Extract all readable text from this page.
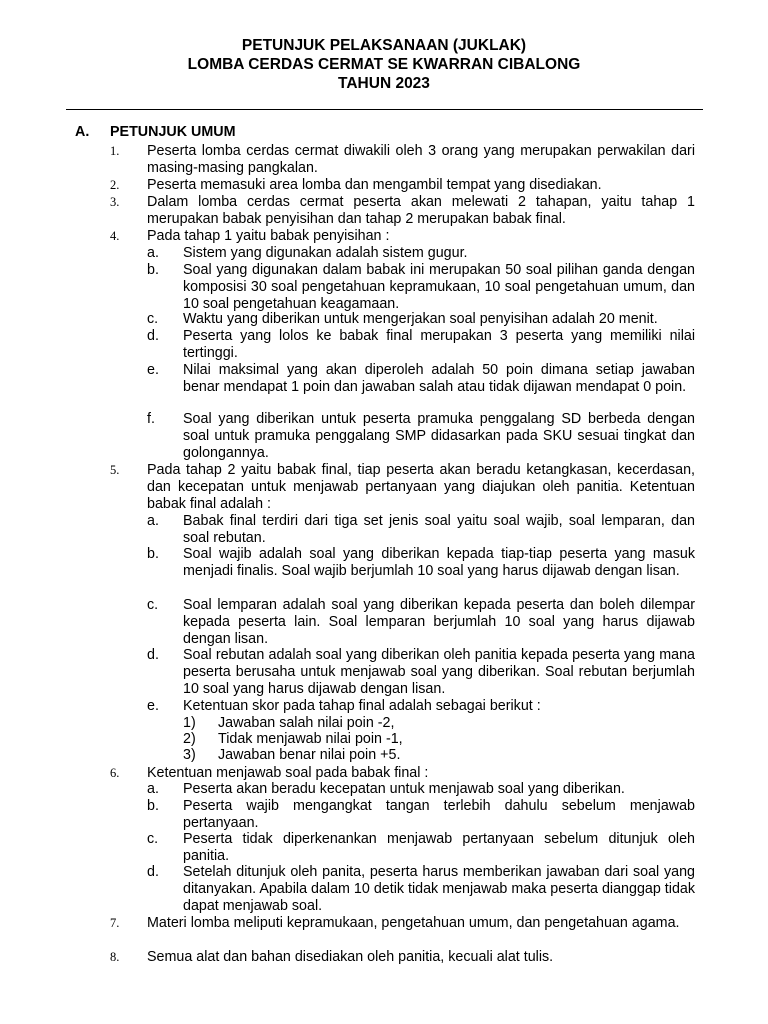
PETUNJUK PELAKSANAAN (JUKLAK)
LOMBA CERDAS CERMAT SE KWARRAN CIBALONG
TAHUN 2023
A. PETUNJUK UMUM
1.	Peserta lomba cerdas cermat diwakili oleh 3 orang yang merupakan perwakilan dari masing-masing pangkalan.
2.	Peserta memasuki area lomba dan mengambil tempat yang disediakan.
3.	Dalam lomba cerdas cermat peserta akan melewati 2 tahapan, yaitu tahap 1 merupakan babak penyisihan dan tahap 2 merupakan babak final.
4.	Pada tahap 1 yaitu babak penyisihan :
a.	Sistem yang digunakan adalah sistem gugur.
b.	Soal yang digunakan dalam babak ini merupakan 50 soal pilihan ganda dengan komposisi 30 soal pengetahuan kepramukaan, 10 soal pengetahuan umum, dan 10 soal pengetahuan keagamaan.
c.	Waktu yang diberikan untuk mengerjakan soal penyisihan adalah 20 menit.
d.	Peserta yang lolos ke babak final merupakan 3 peserta yang memiliki nilai tertinggi.
e.	Nilai maksimal yang akan diperoleh adalah 50 poin dimana setiap jawaban benar mendapat 1 poin dan jawaban salah atau tidak dijawan mendapat 0 poin.
f.	Soal yang diberikan untuk peserta pramuka penggalang SD berbeda dengan soal untuk pramuka penggalang SMP didasarkan pada SKU sesuai tingkat dan golongannya.
5.	Pada tahap 2 yaitu babak final, tiap peserta akan beradu ketangkasan, kecerdasan, dan kecepatan untuk menjawab pertanyaan yang diajukan oleh panitia. Ketentuan babak final adalah :
a.	Babak final terdiri dari tiga set jenis soal yaitu soal wajib, soal lemparan, dan soal rebutan.
b.	Soal wajib adalah soal yang diberikan kepada tiap-tiap peserta yang masuk menjadi finalis. Soal wajib berjumlah 10 soal yang harus dijawab dengan lisan.
c.	Soal lemparan adalah soal yang diberikan kepada peserta dan boleh dilempar kepada peserta lain. Soal lemparan berjumlah 10 soal yang harus dijawab dengan lisan.
d.	Soal rebutan adalah soal yang diberikan oleh panitia kepada peserta yang mana peserta berusaha untuk menjawab soal yang diberikan. Soal rebutan berjumlah 10 soal yang harus dijawab dengan lisan.
e.	Ketentuan skor pada tahap final adalah sebagai berikut :
1)	Jawaban salah nilai poin -2,
2)	Tidak menjawab nilai poin -1,
3)	Jawaban benar nilai poin +5.
6.	Ketentuan menjawab soal pada babak final :
a.	Peserta akan beradu kecepatan untuk menjawab soal yang diberikan.
b.	Peserta wajib mengangkat tangan terlebih dahulu sebelum menjawab pertanyaan.
c.	Peserta tidak diperkenankan menjawab pertanyaan sebelum ditunjuk oleh panitia.
d.	Setelah ditunjuk oleh panita, peserta harus memberikan jawaban dari soal yang ditanyakan. Apabila dalam 10 detik tidak menjawab maka peserta dianggap tidak dapat menjawab soal.
7.	Materi lomba meliputi kepramukaan, pengetahuan umum, dan pengetahuan agama.
8.	Semua alat dan bahan disediakan oleh panitia, kecuali alat tulis.
